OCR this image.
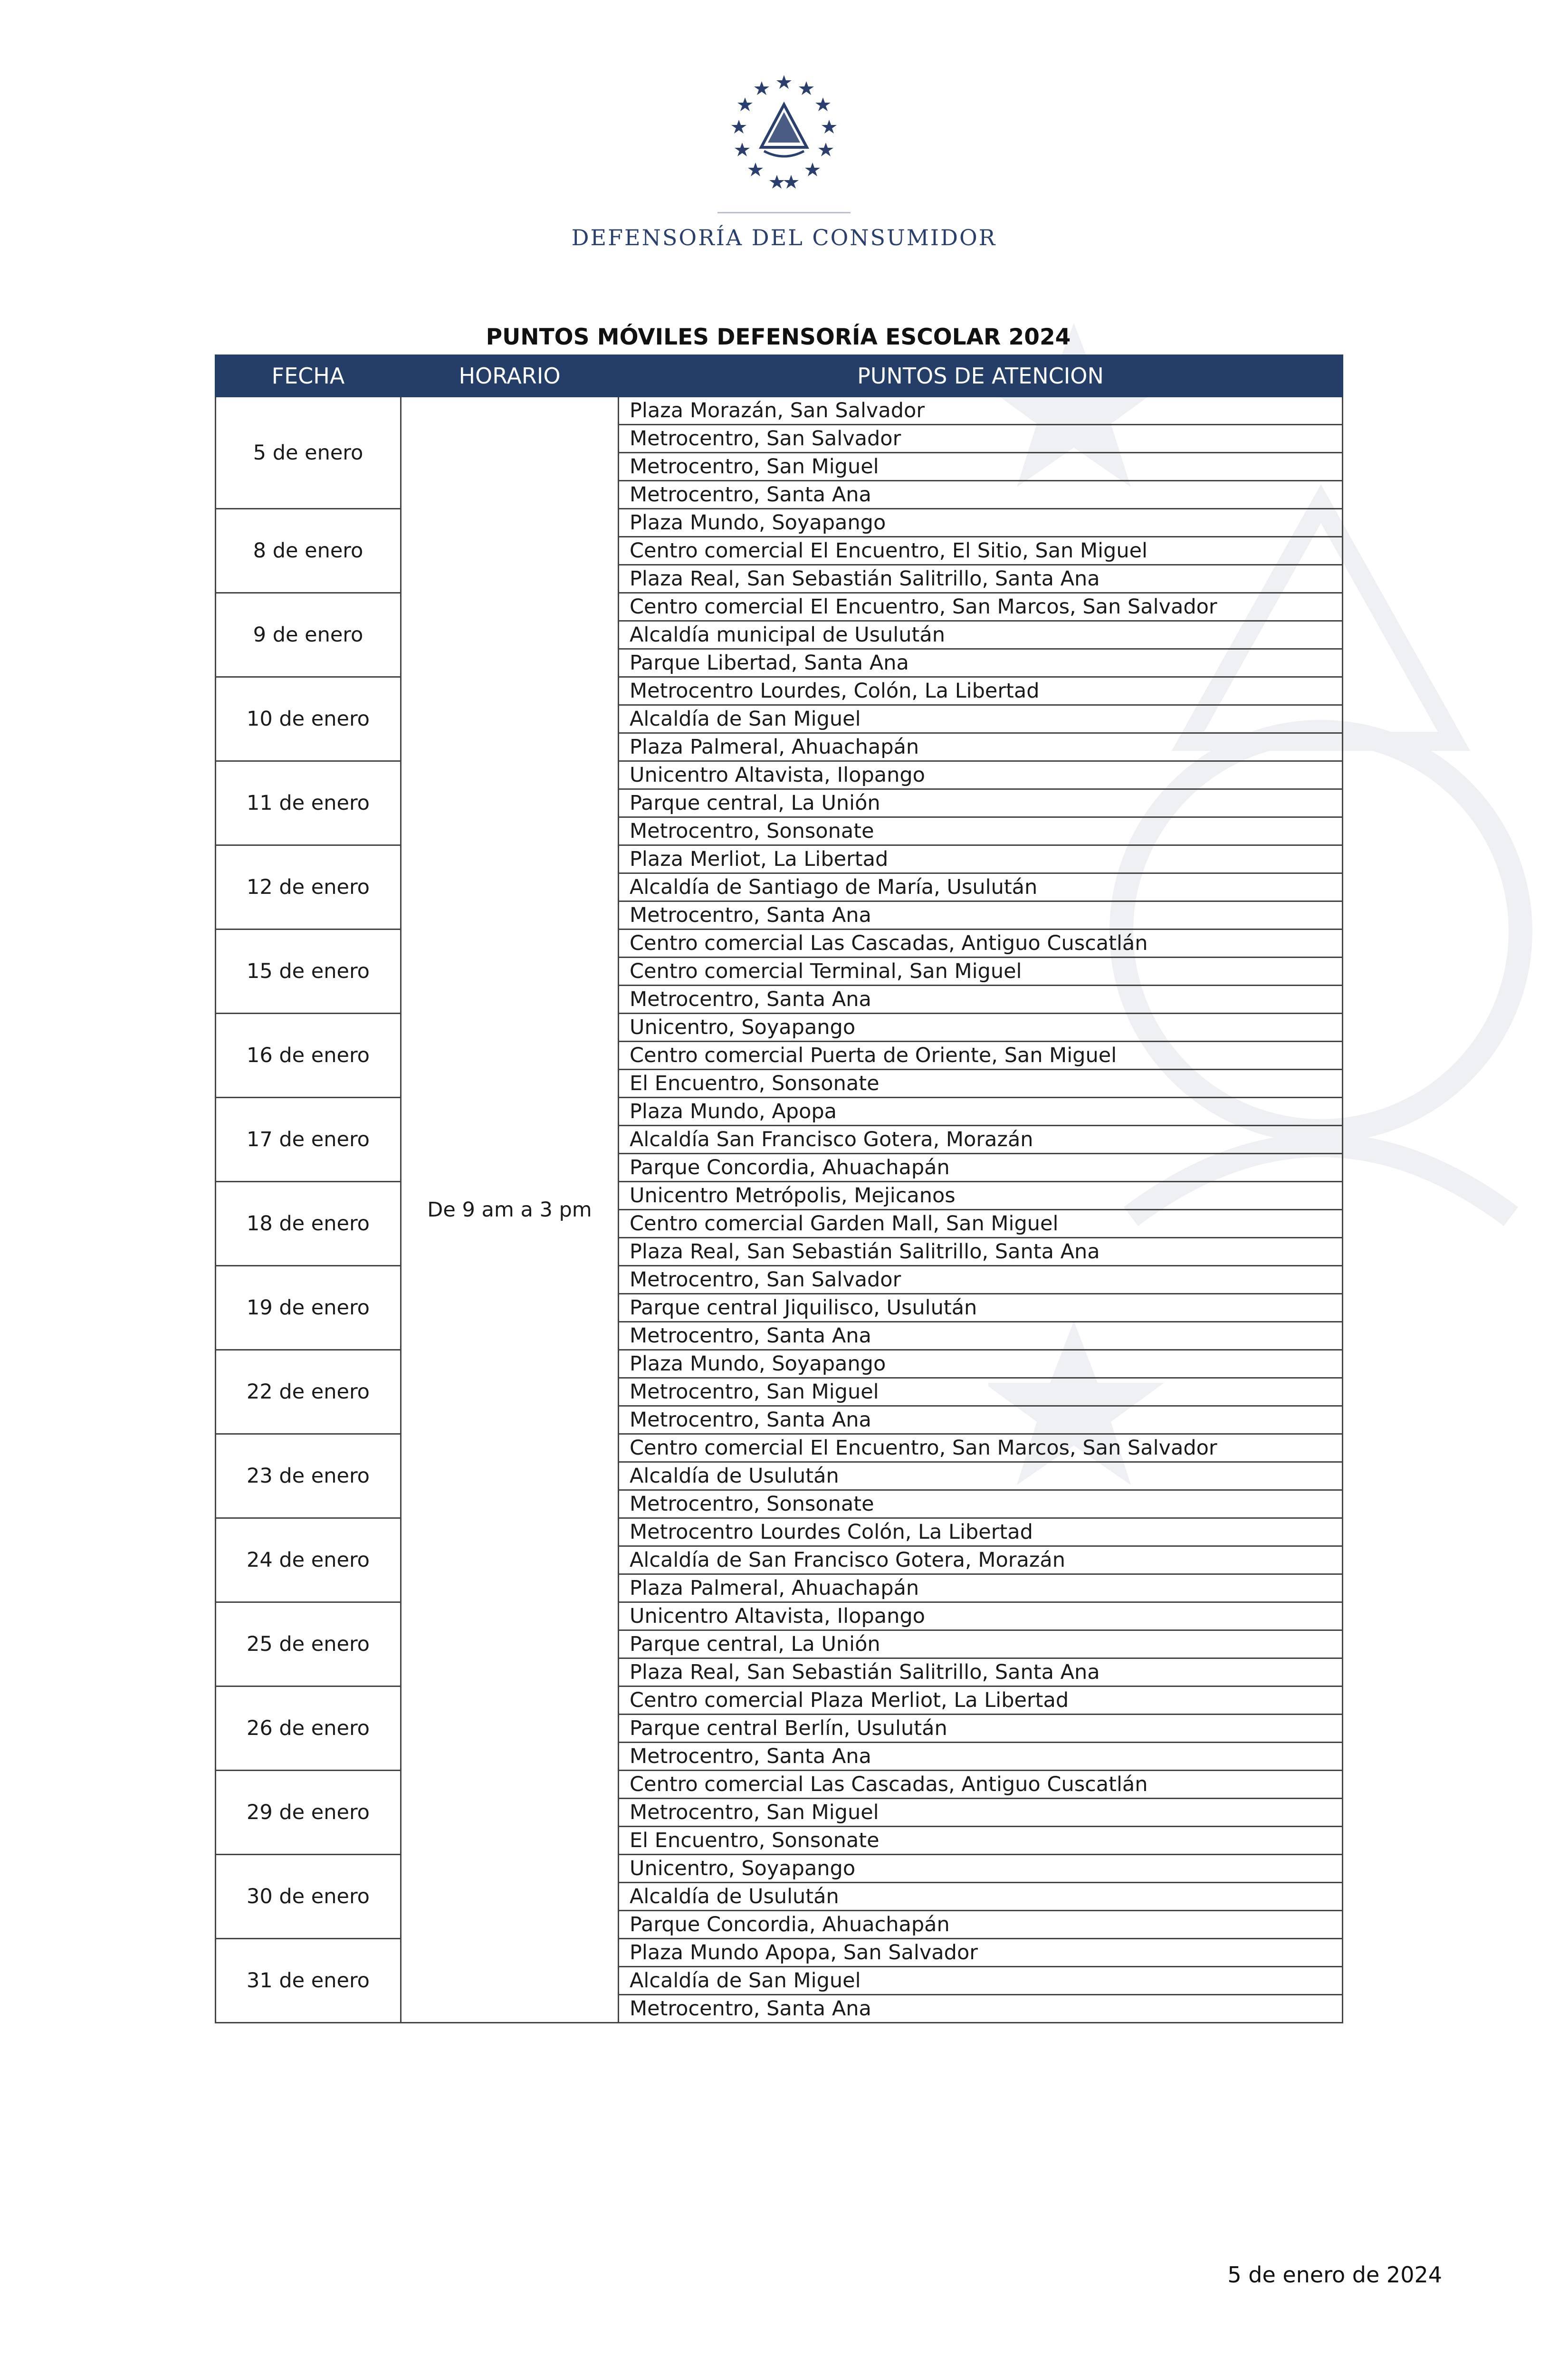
DEFENSORÍA DEL CONSUMIDOR
PUNTOS MÓVILES DEFENSORÍA ESCOLAR 2024
FECHA	HORARIO	PUNTOS DE ATENCION
5 de enero	De 9 am a 3 pm	Plaza Morazán, San Salvador
		Metrocentro, San Salvador
		Metrocentro, San Miguel
		Metrocentro, Santa Ana
8 de enero		Plaza Mundo, Soyapango
		Centro comercial El Encuentro, El Sitio, San Miguel
		Plaza Real, San Sebastián Salitrillo, Santa Ana
9 de enero		Centro comercial El Encuentro, San Marcos, San Salvador
		Alcaldía municipal de Usulután
		Parque Libertad, Santa Ana
10 de enero		Metrocentro Lourdes, Colón, La Libertad
		Alcaldía de San Miguel
		Plaza Palmeral, Ahuachapán
11 de enero		Unicentro Altavista, Ilopango
		Parque central, La Unión
		Metrocentro, Sonsonate
12 de enero		Plaza Merliot, La Libertad
		Alcaldía de Santiago de María, Usulután
		Metrocentro, Santa Ana
15 de enero		Centro comercial Las Cascadas, Antiguo Cuscatlán
		Centro comercial Terminal, San Miguel
		Metrocentro, Santa Ana
16 de enero		Unicentro, Soyapango
		Centro comercial Puerta de Oriente, San Miguel
		El Encuentro, Sonsonate
17 de enero		Plaza Mundo, Apopa
		Alcaldía San Francisco Gotera, Morazán
		Parque Concordia, Ahuachapán
18 de enero		Unicentro Metrópolis, Mejicanos
		Centro comercial Garden Mall, San Miguel
		Plaza Real, San Sebastián Salitrillo, Santa Ana
19 de enero		Metrocentro, San Salvador
		Parque central Jiquilisco, Usulután
		Metrocentro, Santa Ana
22 de enero		Plaza Mundo, Soyapango
		Metrocentro, San Miguel
		Metrocentro, Santa Ana
23 de enero		Centro comercial El Encuentro, San Marcos, San Salvador
		Alcaldía de Usulután
		Metrocentro, Sonsonate
24 de enero		Metrocentro Lourdes Colón, La Libertad
		Alcaldía de San Francisco Gotera, Morazán
		Plaza Palmeral, Ahuachapán
25 de enero		Unicentro Altavista, Ilopango
		Parque central, La Unión
		Plaza Real, San Sebastián Salitrillo, Santa Ana
26 de enero		Centro comercial Plaza Merliot, La Libertad
		Parque central Berlín, Usulután
		Metrocentro, Santa Ana
29 de enero		Centro comercial Las Cascadas, Antiguo Cuscatlán
		Metrocentro, San Miguel
		El Encuentro, Sonsonate
30 de enero		Unicentro, Soyapango
		Alcaldía de Usulután
		Parque Concordia, Ahuachapán
31 de enero		Plaza Mundo Apopa, San Salvador
		Alcaldía de San Miguel
		Metrocentro, Santa Ana
5 de enero de 2024
